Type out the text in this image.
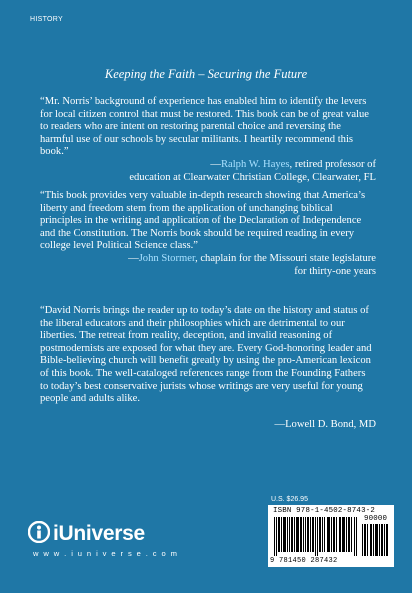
HISTORY
Keeping the Faith – Securing the Future

“Mr. Norris’ background of experience has enabled him to identify the levers for local citizen control that must be restored. This book can be of great value to readers who are intent on restoring parental choice and reversing the harmful use of our schools by secular militants. I heartily recommend this book.”

—Ralph W. Hayes, retired professor of
education at Clearwater Christian College, Clearwater, FL

“This book provides very valuable in-depth research showing that America’s liberty and freedom stem from the application of unchanging biblical principles in the writing and application of the Declaration of Independence and the Constitution. The Norris book should be required reading in every college level Political Science class.”

—John Stormer, chaplain for the Missouri state legislature
for thirty-one years

“David Norris brings the reader up to today’s date on the history and status of the liberal educators and their philosophies which are detrimental to our liberties. The retreat from reality, deception, and invalid reasoning of postmodernists are exposed for what they are. Every God-honoring leader and Bible-believing church will benefit greatly by using the pro-American lexicon of this book. The well-cataloged references range from the Founding Fathers to today’s best conservative jurists whose writings are very useful for young people and adults alike.

—Lowell D. Bond, MD
U.S. $26.95
ISBN 978-1-4502-8743-2
90000
9 781450 287432
iUniverse
w w w . i u n i v e r s e . c o m
